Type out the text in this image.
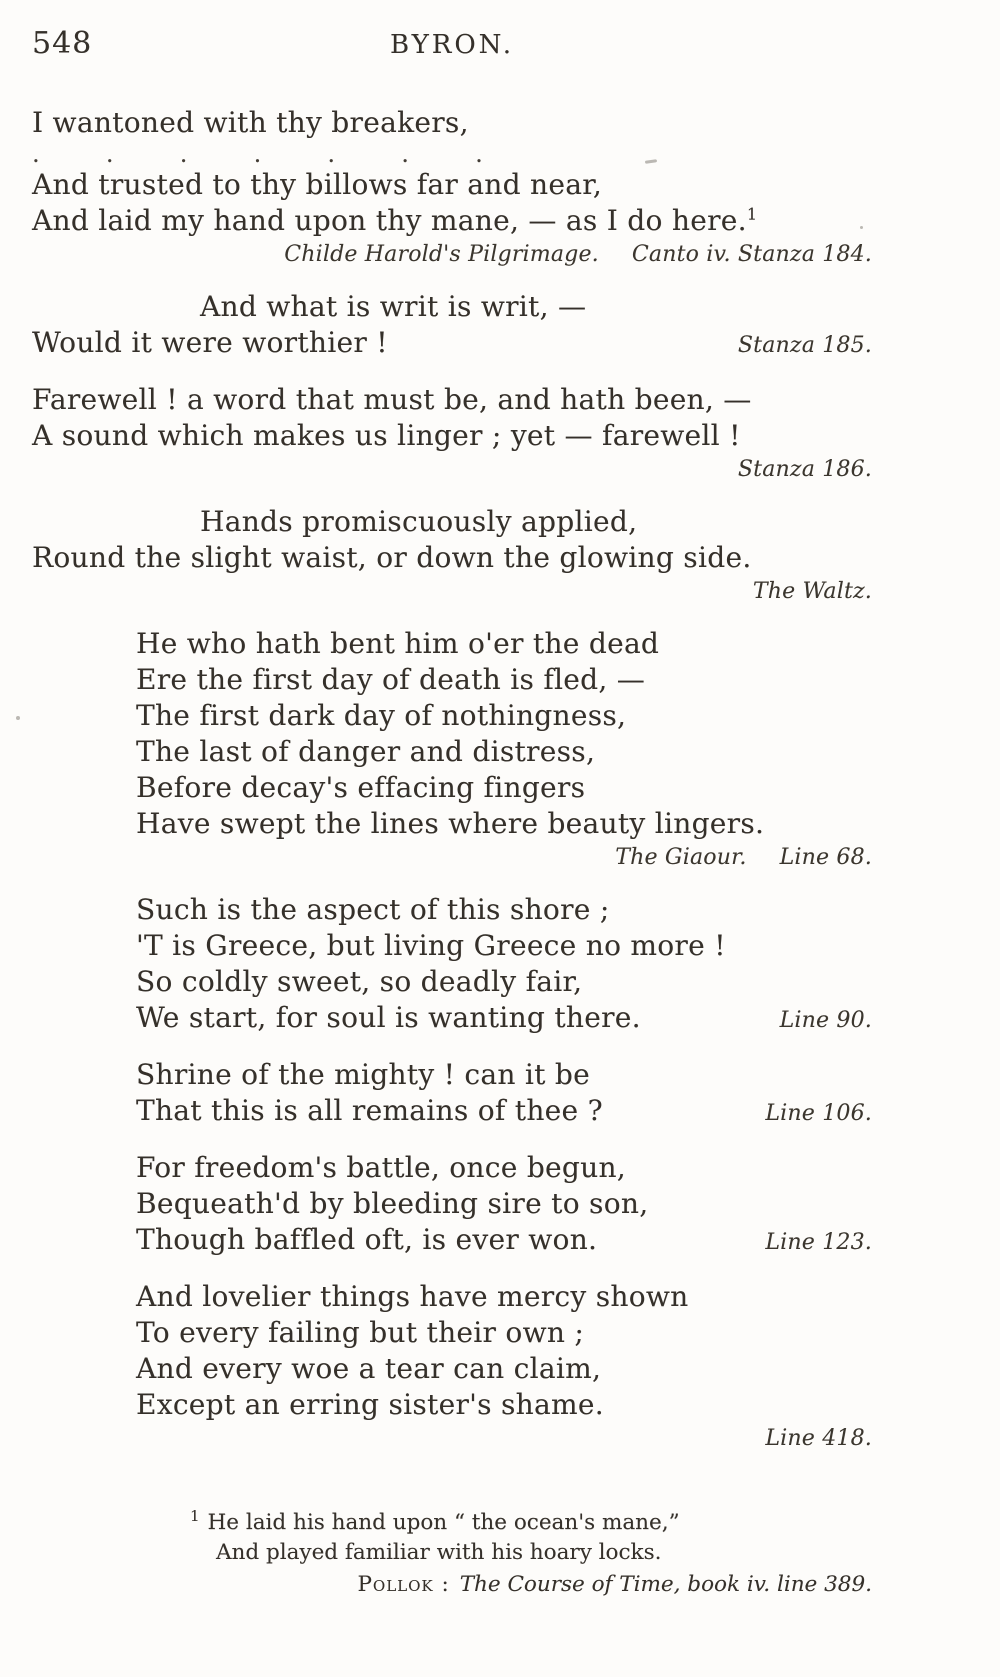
548	BYRON.

I wantoned with thy breakers,

. . . . . . .

And trusted to thy billows far and near,

And laid my hand upon thy mane, — as I do here.$^1$

Childe Harold's Pilgrimage. Canto iv. Stanza 184.

And what is writ is writ, —

Would it were worthier !	Stanza 185.

Farewell ! a word that must be, and hath been, —

A sound which makes us linger ; yet — farewell !

Stanza 186.

Hands promiscuously applied,

Round the slight waist, or down the glowing side.

The Waltz.

He who hath bent him o'er the dead

Ere the first day of death is fled, —

The first dark day of nothingness,

The last of danger and distress,

Before decay's effacing fingers

Have swept the lines where beauty lingers.

The Giaour. Line 68.

Such is the aspect of this shore ;

'T is Greece, but living Greece no more !

So coldly sweet, so deadly fair,

We start, for soul is wanting there.	Line 90.

Shrine of the mighty ! can it be

That this is all remains of thee ?	Line 106.

For freedom's battle, once begun,

Bequeath'd by bleeding sire to son,

Though baffled oft, is ever won.	Line 123.

And lovelier things have mercy shown

To every failing but their own ;

And every woe a tear can claim,

Except an erring sister's shame.

Line 418.

$^1$ He laid his hand upon “ the ocean's mane,”

And played familiar with his hoary locks.

Pollok : The Course of Time, book iv. line 389.
